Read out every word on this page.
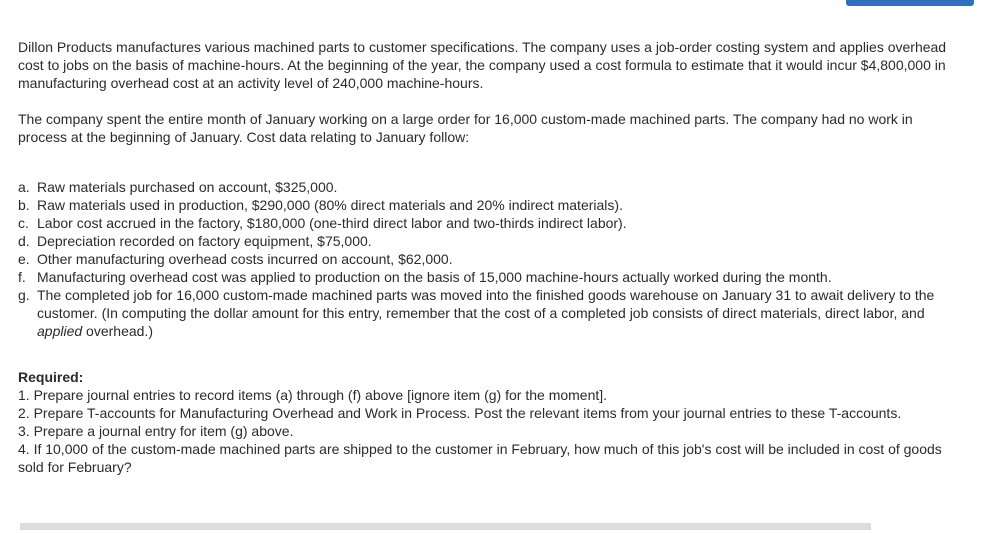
Dillon Products manufactures various machined parts to customer specifications. The company uses a job-order costing system and applies overhead cost to jobs on the basis of machine-hours. At the beginning of the year, the company used a cost formula to estimate that it would incur $4,800,000 in manufacturing overhead cost at an activity level of 240,000 machine-hours.

The company spent the entire month of January working on a large order for 16,000 custom-made machined parts. The company had no work in process at the beginning of January. Cost data relating to January follow:

a. Raw materials purchased on account, $325,000.
b. Raw materials used in production, $290,000 (80% direct materials and 20% indirect materials).
c. Labor cost accrued in the factory, $180,000 (one-third direct labor and two-thirds indirect labor).
d. Depreciation recorded on factory equipment, $75,000.
e. Other manufacturing overhead costs incurred on account, $62,000.
f. Manufacturing overhead cost was applied to production on the basis of 15,000 machine-hours actually worked during the month.
g. The completed job for 16,000 custom-made machined parts was moved into the finished goods warehouse on January 31 to await delivery to the customer. (In computing the dollar amount for this entry, remember that the cost of a completed job consists of direct materials, direct labor, and applied overhead.)
Required:
1. Prepare journal entries to record items (a) through (f) above [ignore item (g) for the moment].
2. Prepare T-accounts for Manufacturing Overhead and Work in Process. Post the relevant items from your journal entries to these T-accounts.
3. Prepare a journal entry for item (g) above.
4. If 10,000 of the custom-made machined parts are shipped to the customer in February, how much of this job's cost will be included in cost of goods sold for February?
